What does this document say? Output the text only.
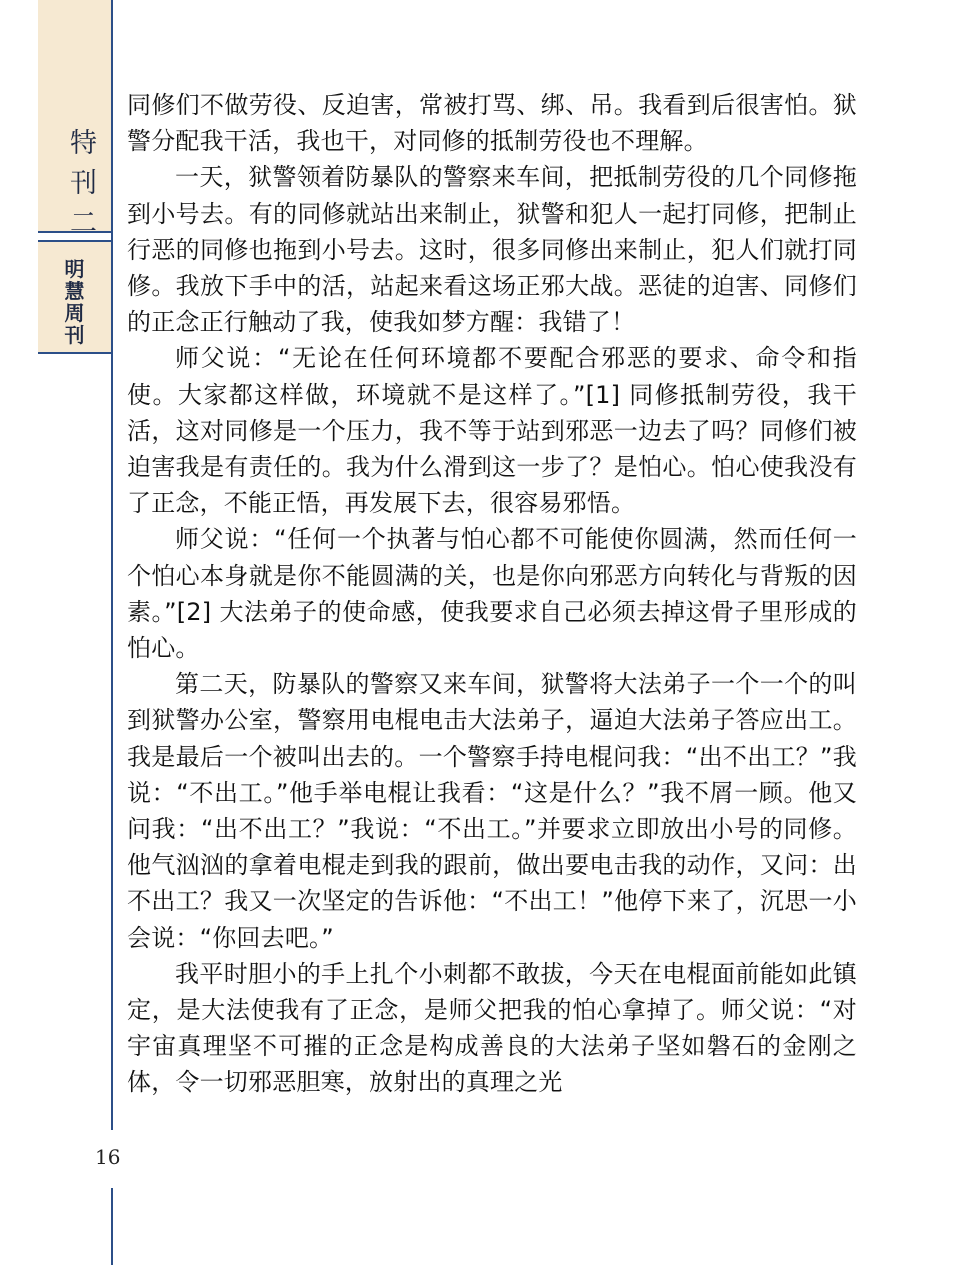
特
刊
二
明
慧
周
刊
16

同修们不做劳役、反迫害，常被打骂、绑、吊。我看到后很害怕。狱警分配我干活，我也干，对同修的抵制劳役也不理解。

一天，狱警领着防暴队的警察来车间，把抵制劳役的几个同修拖到小号去。有的同修就站出来制止，狱警和犯人一起打同修，把制止行恶的同修也拖到小号去。这时，很多同修出来制止，犯人们就打同修。我放下手中的活，站起来看这场正邪大战。恶徒的迫害、同修们的正念正行触动了我，使我如梦方醒：我错了！

师父说：“无论在任何环境都不要配合邪恶的要求、命令和指使。大家都这样做，环境就不是这样了。”[1] 同修抵制劳役，我干活，这对同修是一个压力，我不等于站到邪恶一边去了吗？同修们被迫害我是有责任的。我为什么滑到这一步了？是怕心。怕心使我没有了正念，不能正悟，再发展下去，很容易邪悟。

师父说：“任何一个执著与怕心都不可能使你圆满，然而任何一个怕心本身就是你不能圆满的关，也是你向邪恶方向转化与背叛的因素。”[2] 大法弟子的使命感，使我要求自己必须去掉这骨子里形成的怕心。

第二天，防暴队的警察又来车间，狱警将大法弟子一个一个的叫到狱警办公室，警察用电棍电击大法弟子，逼迫大法弟子答应出工。我是最后一个被叫出去的。一个警察手持电棍问我：“出不出工？”我说：“不出工。”他手举电棍让我看：“这是什么？”我不屑一顾。他又问我：“出不出工？”我说：“不出工。”并要求立即放出小号的同修。他气汹汹的拿着电棍走到我的跟前，做出要电击我的动作，又问：出不出工？我又一次坚定的告诉他：“不出工！”他停下来了，沉思一小会说：“你回去吧。”

我平时胆小的手上扎个小刺都不敢拔，今天在电棍面前能如此镇定，是大法使我有了正念，是师父把我的怕心拿掉了。师父说：“对宇宙真理坚不可摧的正念是构成善良的大法弟子坚如磐石的金刚之体，令一切邪恶胆寒，放射出的真理之光
